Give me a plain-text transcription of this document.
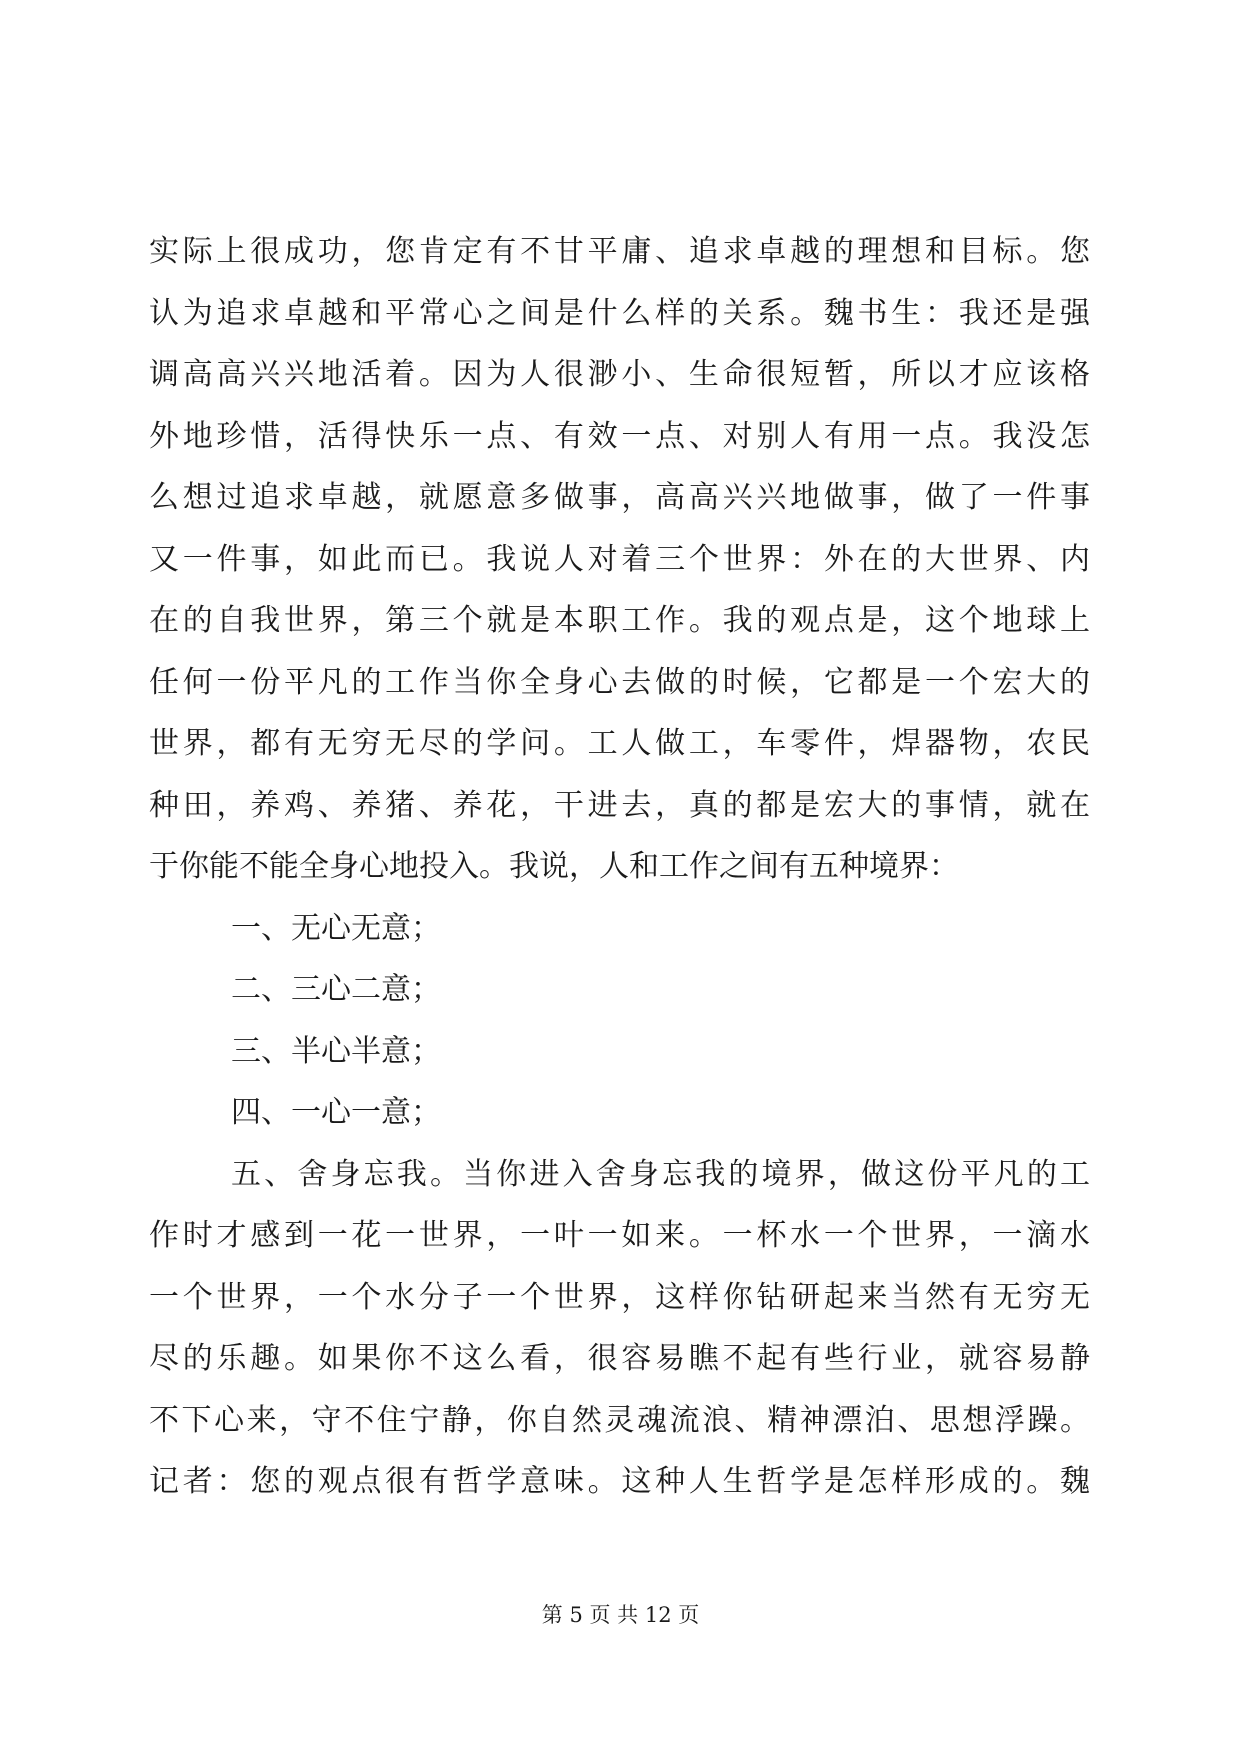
实际上很成功，您肯定有不甘平庸、追求卓越的理想和目标。您
认为追求卓越和平常心之间是什么样的关系。魏书生：我还是强
调高高兴兴地活着。因为人很渺小、生命很短暂，所以才应该格
外地珍惜，活得快乐一点、有效一点、对别人有用一点。我没怎
么想过追求卓越，就愿意多做事，高高兴兴地做事，做了一件事
又一件事，如此而已。我说人对着三个世界：外在的大世界、内
在的自我世界，第三个就是本职工作。我的观点是，这个地球上
任何一份平凡的工作当你全身心去做的时候，它都是一个宏大的
世界，都有无穷无尽的学问。工人做工，车零件，焊器物，农民
种田，养鸡、养猪、养花，干进去，真的都是宏大的事情，就在
于你能不能全身心地投入。我说，人和工作之间有五种境界：
一、无心无意；
二、三心二意；
三、半心半意；
四、一心一意；
五、舍身忘我。当你进入舍身忘我的境界，做这份平凡的工
作时才感到一花一世界，一叶一如来。一杯水一个世界，一滴水
一个世界，一个水分子一个世界，这样你钻研起来当然有无穷无
尽的乐趣。如果你不这么看，很容易瞧不起有些行业，就容易静
不下心来，守不住宁静，你自然灵魂流浪、精神漂泊、思想浮躁。
记者：您的观点很有哲学意味。这种人生哲学是怎样形成的。魏
第 5 页 共 12 页
